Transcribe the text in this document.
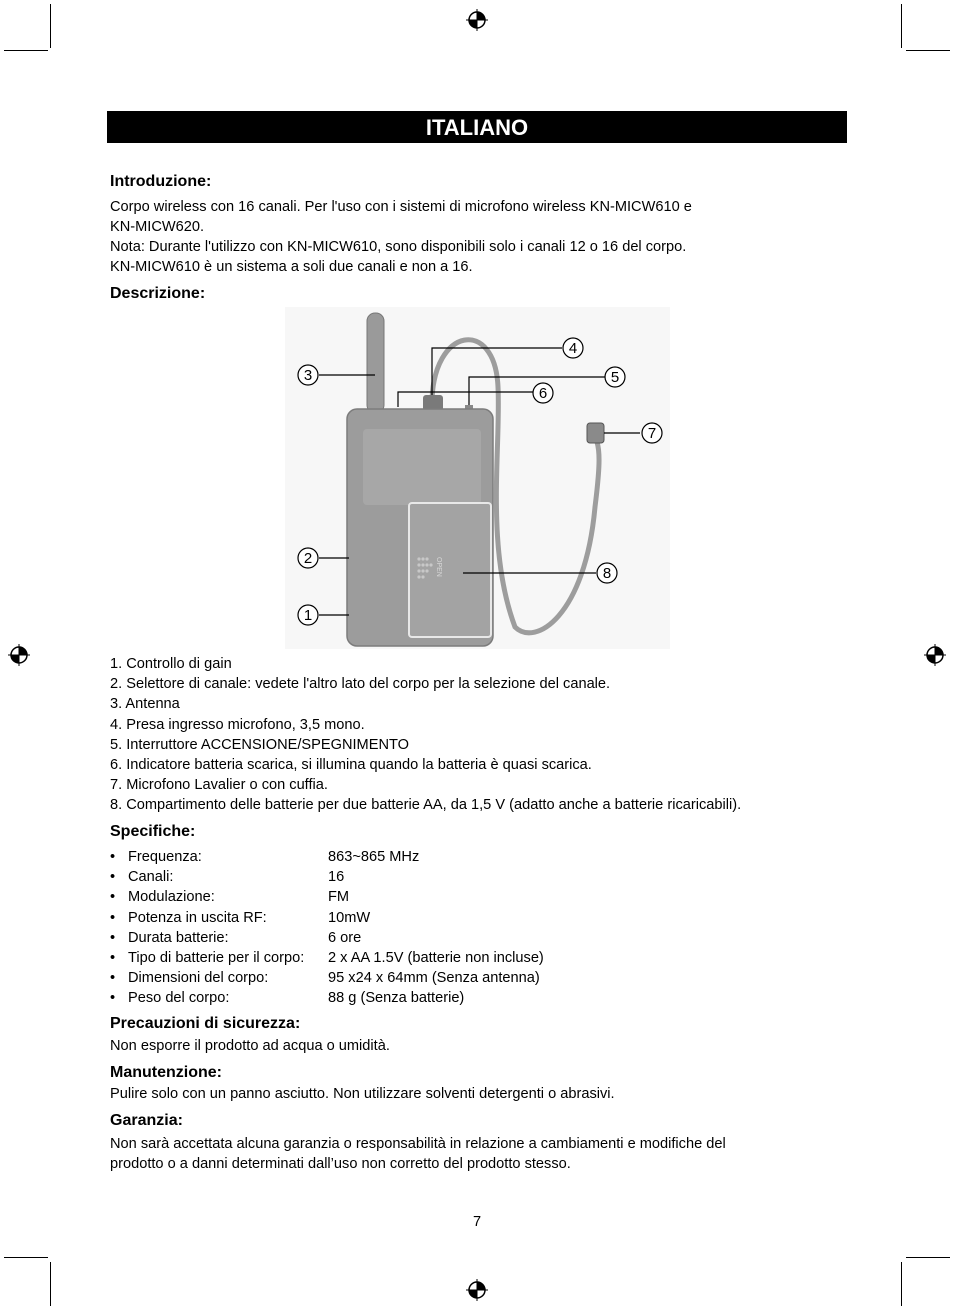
ITALIANO
Introduzione:
Corpo wireless con 16 canali. Per l'uso con i sistemi di microfono wireless KN-MICW610 e
KN-MICW620.
Nota: Durante l'utilizzo con KN-MICW610, sono disponibili solo i canali 12 o 16 del corpo.
KN-MICW610 è un sistema a soli due canali e non a 16.
Descrizione:
OPEN
3
4
5
6
7
2
8
1
1. Controllo di gain
2. Selettore di canale: vedete l'altro lato del corpo per la selezione del canale.
3. Antenna
4. Presa ingresso microfono, 3,5 mono.
5. Interruttore ACCENSIONE/SPEGNIMENTO
6. Indicatore batteria scarica, si illumina quando la batteria è quasi scarica.
7. Microfono Lavalier o con cuffia.
8. Compartimento delle batterie per due batterie AA, da 1,5 V (adatto anche a batterie ricaricabili).
Specifiche:
• Frequenza:	863~865 MHz
• Canali:	16
• Modulazione:	FM
• Potenza in uscita RF:	10mW
• Durata batterie:	6 ore
• Tipo di batterie per il corpo:	2 x AA 1.5V (batterie non incluse)
• Dimensioni del corpo:	95 x24 x 64mm (Senza antenna)
• Peso del corpo:	88 g (Senza batterie)
Precauzioni di sicurezza:
Non esporre il prodotto ad acqua o umidità.
Manutenzione:
Pulire solo con un panno asciutto. Non utilizzare solventi detergenti o abrasivi.
Garanzia:
Non sarà accettata alcuna garanzia o responsabilità in relazione a cambiamenti e modifiche del
prodotto o a danni determinati dall’uso non corretto del prodotto stesso.
7
